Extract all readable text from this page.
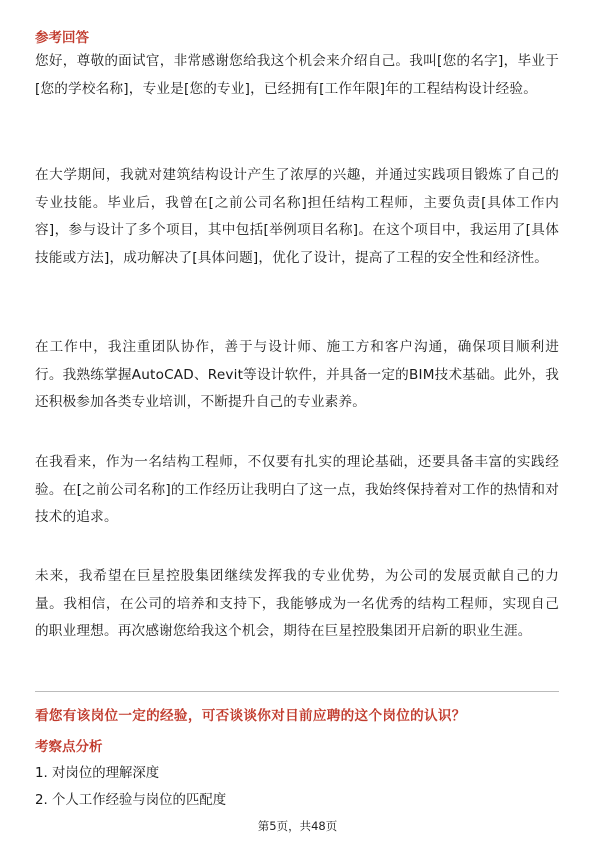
参考回答
您好，尊敬的面试官，非常感谢您给我这个机会来介绍自己。我叫[您的名字]，毕业于[您的学校名称]，专业是[您的专业]，已经拥有[工作年限]年的工程结构设计经验。
在大学期间，我就对建筑结构设计产生了浓厚的兴趣，并通过实践项目锻炼了自己的专业技能。毕业后，我曾在[之前公司名称]担任结构工程师，主要负责[具体工作内容]，参与设计了多个项目，其中包括[举例项目名称]。在这个项目中，我运用了[具体技能或方法]，成功解决了[具体问题]，优化了设计，提高了工程的安全性和经济性。
在工作中，我注重团队协作，善于与设计师、施工方和客户沟通，确保项目顺利进行。我熟练掌握AutoCAD、Revit等设计软件，并具备一定的BIM技术基础。此外，我还积极参加各类专业培训，不断提升自己的专业素养。
在我看来，作为一名结构工程师，不仅要有扎实的理论基础，还要具备丰富的实践经验。在[之前公司名称]的工作经历让我明白了这一点，我始终保持着对工作的热情和对技术的追求。
未来，我希望在巨星控股集团继续发挥我的专业优势，为公司的发展贡献自己的力量。我相信，在公司的培养和支持下，我能够成为一名优秀的结构工程师，实现自己的职业理想。再次感谢您给我这个机会，期待在巨星控股集团开启新的职业生涯。
看您有该岗位一定的经验，可否谈谈你对目前应聘的这个岗位的认识？
考察点分析
1. 对岗位的理解深度
2. 个人工作经验与岗位的匹配度
第5页，共48页
